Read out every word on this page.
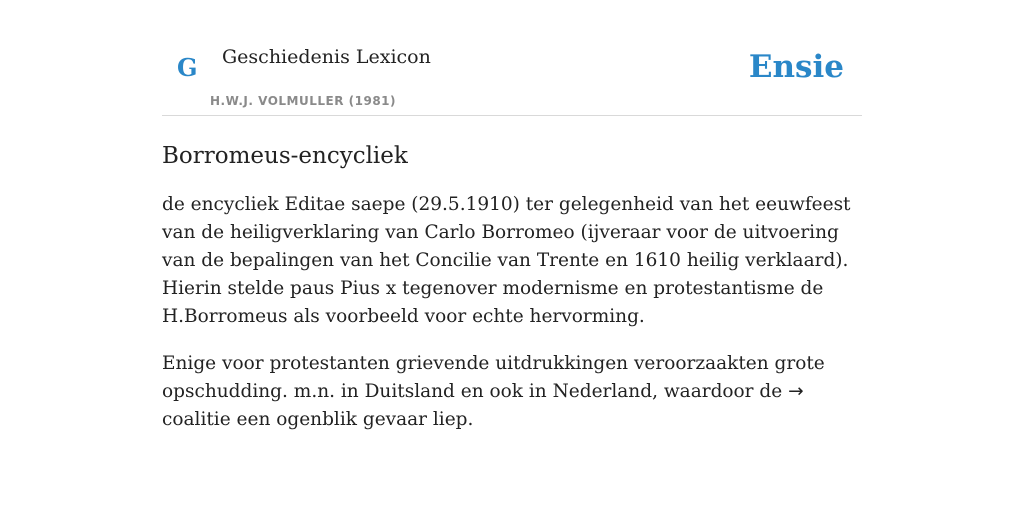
G Geschiedenis Lexicon
H.W.J. VOLMULLER (1981)
Ensie
Borromeus-encycliek

de encycliek Editae saepe (29.5.1910) ter gelegenheid van het eeuwfeest van de heiligverklaring van Carlo Borromeo (ijveraar voor de uitvoering van de bepalingen van het Concilie van Trente en 1610 heilig verklaard). Hierin stelde paus Pius x tegenover modernisme en protestantisme de H.Borromeus als voorbeeld voor echte hervorming.

Enige voor protestanten grievende uitdrukkingen veroorzaakten grote opschudding. m.n. in Duitsland en ook in Nederland, waardoor de → coalitie een ogenblik gevaar liep.
